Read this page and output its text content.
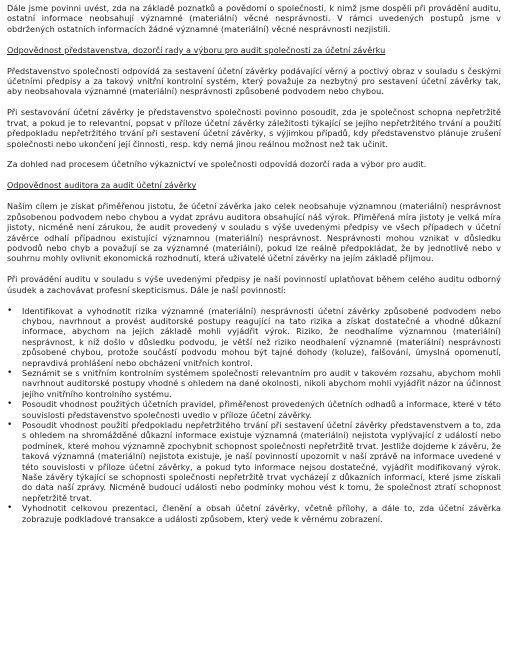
Dále jsme povinni uvést, zda na základě poznatků a povědomí o společnosti, k nimž jsme dospěli při provádění auditu, ostatní informace neobsahují významné (materiální) věcné nesprávnosti. V rámci uvedených postupů jsme v obdržených ostatních informacích žádné významné (materiální) věcné nesprávnosti nezjistili.

Odpovědnost představenstva, dozorčí rady a výboru pro audit společnosti za účetní závěrku

Představenstvo společnosti odpovídá za sestavení účetní závěrky podávající věrný a poctivý obraz v souladu s českými účetními předpisy a za takový vnitřní kontrolní systém, který považuje za nezbytný pro sestavení účetní závěrky tak, aby neobsahovala významné (materiální) nesprávnosti způsobené podvodem nebo chybou.

Při sestavování účetní závěrky je představenstvo společnosti povinno posoudit, zda je společnost schopna nepřetržitě trvat, a pokud je to relevantní, popsat v příloze účetní závěrky záležitosti týkající se jejího nepřetržitého trvání a použití předpokladu nepřetržitého trvání při sestavení účetní závěrky, s výjimkou případů, kdy představenstvo plánuje zrušení společnosti nebo ukončení její činnosti, resp. kdy nemá jinou reálnou možnost než tak učinit.

Za dohled nad procesem účetního výkaznictví ve společnosti odpovídá dozorčí rada a výbor pro audit.

Odpovědnost auditora za audit účetní závěrky

Naším cílem je získat přiměřenou jistotu, že účetní závěrka jako celek neobsahuje významnou (materiální) nesprávnost způsobenou podvodem nebo chybou a vydat zprávu auditora obsahující náš výrok. Přiměřená míra jistoty je velká míra jistoty, nicméně není zárukou, že audit provedený v souladu s výše uvedenými předpisy ve všech případech v účetní závěrce odhalí případnou existující významnou (materiální) nesprávnost. Nesprávnosti mohou vznikat v důsledku podvodů nebo chyb a považují se za významné (materiální), pokud lze reálně předpokládat, že by jednotlivě nebo v souhrnu mohly ovlivnit ekonomická rozhodnutí, která uživatelé účetní závěrky na jejím základě přijmou.

Při provádění auditu v souladu s výše uvedenými předpisy je naší povinností uplatňovat během celého auditu odborný úsudek a zachovávat profesní skepticismus. Dále je naší povinností:

• Identifikovat a vyhodnotit rizika významné (materiální) nesprávnosti účetní závěrky způsobené podvodem nebo chybou, navrhnout a provést auditorské postupy reagující na tato rizika a získat dostatečné a vhodné důkazní informace, abychom na jejich základě mohli vyjádřit výrok. Riziko, že neodhalíme významnou (materiální) nesprávnost, k níž došlo v důsledku podvodu, je větší než riziko neodhalení významné (materiální) nesprávnosti způsobené chybou, protože součástí podvodu mohou být tajné dohody (koluze), falšování, úmyslná opomenutí, nepravdivá prohlášení nebo obcházení vnitřních kontrol.
• Seznámit se s vnitřním kontrolním systémem společnosti relevantním pro audit v takovém rozsahu, abychom mohli navrhnout auditorské postupy vhodné s ohledem na dané okolnosti, nikoli abychom mohli vyjádřit názor na účinnost jejího vnitřního kontrolního systému.
• Posoudit vhodnost použitých účetních pravidel, přiměřenost provedených účetních odhadů a informace, které v této souvislosti představenstvo společnosti uvedlo v příloze účetní závěrky.
• Posoudit vhodnost použití předpokladu nepřetržitého trvání při sestavení účetní závěrky představenstvem a to, zda s ohledem na shromážděné důkazní informace existuje významná (materiální) nejistota vyplývající z událostí nebo podmínek, které mohou významně zpochybnit schopnost společnosti nepřetržitě trvat. Jestliže dojdeme k závěru, že taková významná (materiální) nejistota existuje, je naší povinností upozornit v naší zprávě na informace uvedené v této souvislosti v příloze účetní závěrky, a pokud tyto informace nejsou dostatečné, vyjádřit modifikovaný výrok. Naše závěry týkající se schopnosti společnosti nepřetržitě trvat vycházejí z důkazních informací, které jsme získali do data naší zprávy. Nicméně budoucí události nebo podmínky mohou vést k tomu, že společnost ztratí schopnost nepřetržitě trvat.
• Vyhodnotit celkovou prezentaci, členění a obsah účetní závěrky, včetně přílohy, a dále to, zda účetní závěrka zobrazuje podkladové transakce a události způsobem, který vede k věrnému zobrazení.
